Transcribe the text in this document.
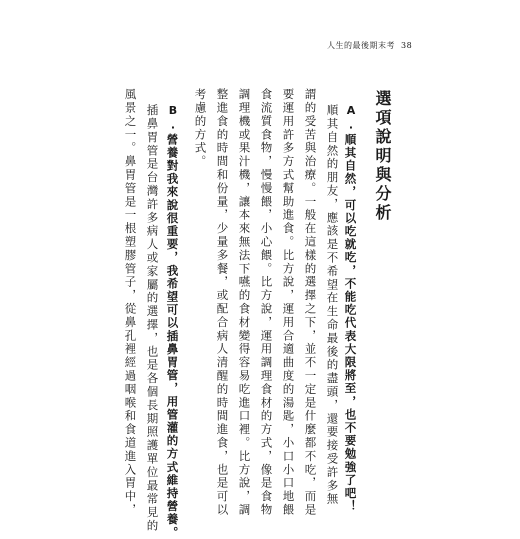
人生的最後期末考 38
選項說明與分析
A.順其自然，可以吃就吃，不能吃代表大限將至，也不要勉強了吧！
順其自然的朋友，應該是不希望在生命最後的盡頭，還要接受許多無
謂的受苦與治療。一般在這樣的選擇之下，並不一定是什麼都不吃，而是
要運用許多方式幫助進食。比方說，運用合適曲度的湯匙，小口小口地餵
食流質食物，慢慢餵，小心餵。比方說，運用調理食材的方式，像是食物
調理機或果汁機，讓本來無法下嚥的食材變得容易吃進口裡。比方說，調
整進食的時間和份量，少量多餐，或配合病人清醒的時間進食，也是可以
考慮的方式。
B.營養對我來說很重要，我希望可以插鼻胃管，用管灌的方式維持營養。
插鼻胃管是台灣許多病人或家屬的選擇，也是各個長期照護單位最常見的
風景之一。鼻胃管是一根塑膠管子，從鼻孔裡經過咽喉和食道進入胃中，
